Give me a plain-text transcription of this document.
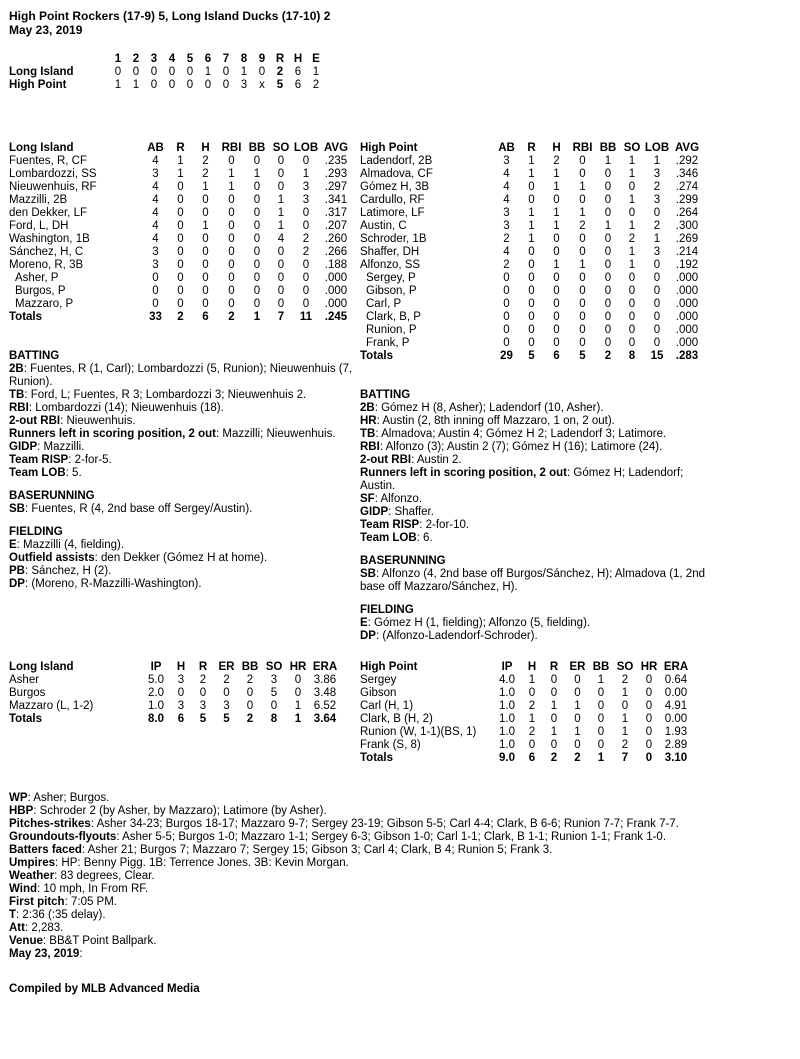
High Point Rockers (17-9) 5, Long Island Ducks (17-10) 2
May 23, 2019
	1	2	3	4	5	6	7	8	9	R	H	E
Long Island	0	0	0	0	0	1	0	1	0	2	6	1
High Point	1	1	0	0	0	0	0	3	x	5	6	2
Long Island	AB	R	H	RBI	BB	SO	LOB	AVG
Fuentes, R, CF	4	1	2	0	0	0	0	.235
Lombardozzi, SS	3	1	2	1	1	0	1	.293
Nieuwenhuis, RF	4	0	1	1	0	0	3	.297
Mazzilli, 2B	4	0	0	0	0	1	3	.341
den Dekker, LF	4	0	0	0	0	1	0	.317
Ford, L, DH	4	0	1	0	0	1	0	.207
Washington, 1B	4	0	0	0	0	4	2	.260
Sánchez, H, C	3	0	0	0	0	0	2	.266
Moreno, R, 3B	3	0	0	0	0	0	0	.188
Asher, P	0	0	0	0	0	0	0	.000
Burgos, P	0	0	0	0	0	0	0	.000
Mazzaro, P	0	0	0	0	0	0	0	.000
Totals	33	2	6	2	1	7	11	.245
High Point	AB	R	H	RBI	BB	SO	LOB	AVG
Ladendorf, 2B	3	1	2	0	1	1	1	.292
Almadova, CF	4	1	1	0	0	1	3	.346
Gómez H, 3B	4	0	1	1	0	0	2	.274
Cardullo, RF	4	0	0	0	0	1	3	.299
Latimore, LF	3	1	1	1	0	0	0	.264
Austin, C	3	1	1	2	1	1	2	.300
Schroder, 1B	2	1	0	0	0	2	1	.269
Shaffer, DH	4	0	0	0	0	1	3	.214
Alfonzo, SS	2	0	1	1	0	1	0	.192
Sergey, P	0	0	0	0	0	0	0	.000
Gibson, P	0	0	0	0	0	0	0	.000
Carl, P	0	0	0	0	0	0	0	.000
Clark, B, P	0	0	0	0	0	0	0	.000
Runion, P	0	0	0	0	0	0	0	.000
Frank, P	0	0	0	0	0	0	0	.000
Totals	29	5	6	5	2	8	15	.283
BATTING

2B: Fuentes, R (1, Carl); Lombardozzi (5, Runion); Nieuwenhuis (7, Runion).

TB: Ford, L; Fuentes, R 3; Lombardozzi 3; Nieuwenhuis 2.

RBI: Lombardozzi (14); Nieuwenhuis (18).

2-out RBI: Nieuwenhuis.

Runners left in scoring position, 2 out: Mazzilli; Nieuwenhuis.

GIDP: Mazzilli.

Team RISP: 2-for-5.

Team LOB: 5.

BASERUNNING

SB: Fuentes, R (4, 2nd base off Sergey/Austin).

FIELDING

E: Mazzilli (4, fielding).

Outfield assists: den Dekker (Gómez H at home).

PB: Sánchez, H (2).

DP: (Moreno, R-Mazzilli-Washington).

BATTING

2B: Gómez H (8, Asher); Ladendorf (10, Asher).

HR: Austin (2, 8th inning off Mazzaro, 1 on, 2 out).

TB: Almadova; Austin 4; Gómez H 2; Ladendorf 3; Latimore.

RBI: Alfonzo (3); Austin 2 (7); Gómez H (16); Latimore (24).

2-out RBI: Austin 2.

Runners left in scoring position, 2 out: Gómez H; Ladendorf; Austin.

SF: Alfonzo.

GIDP: Shaffer.

Team RISP: 2-for-10.

Team LOB: 6.

BASERUNNING

SB: Alfonzo (4, 2nd base off Burgos/Sánchez, H); Almadova (1, 2nd base off Mazzaro/Sánchez, H).

FIELDING

E: Gómez H (1, fielding); Alfonzo (5, fielding).

DP: (Alfonzo-Ladendorf-Schroder).

Long Island	IP	H	R	ER	BB	SO	HR	ERA
Asher	5.0	3	2	2	2	3	0	3.86
Burgos	2.0	0	0	0	0	5	0	3.48
Mazzaro (L, 1-2)	1.0	3	3	3	0	0	1	6.52
Totals	8.0	6	5	5	2	8	1	3.64
High Point	IP	H	R	ER	BB	SO	HR	ERA
Sergey	4.0	1	0	0	1	2	0	0.64
Gibson	1.0	0	0	0	0	1	0	0.00
Carl (H, 1)	1.0	2	1	1	0	0	0	4.91
Clark, B (H, 2)	1.0	1	0	0	0	1	0	0.00
Runion (W, 1-1)(BS, 1)	1.0	2	1	1	0	1	0	1.93
Frank (S, 8)	1.0	0	0	0	0	2	0	2.89
Totals	9.0	6	2	2	1	7	0	3.10

WP: Asher; Burgos.

HBP: Schroder 2 (by Asher, by Mazzaro); Latimore (by Asher).

Pitches-strikes: Asher 34-23; Burgos 18-17; Mazzaro 9-7; Sergey 23-19; Gibson 5-5; Carl 4-4; Clark, B 6-6; Runion 7-7; Frank 7-7.

Groundouts-flyouts: Asher 5-5; Burgos 1-0; Mazzaro 1-1; Sergey 6-3; Gibson 1-0; Carl 1-1; Clark, B 1-1; Runion 1-1; Frank 1-0.

Batters faced: Asher 21; Burgos 7; Mazzaro 7; Sergey 15; Gibson 3; Carl 4; Clark, B 4; Runion 5; Frank 3.

Umpires: HP: Benny Pigg. 1B: Terrence Jones. 3B: Kevin Morgan.

Weather: 83 degrees, Clear.

Wind: 10 mph, In From RF.

First pitch: 7:05 PM.

T: 2:36 (:35 delay).

Att: 2,283.

Venue: BB&T Point Ballpark.

May 23, 2019:

Compiled by MLB Advanced Media
